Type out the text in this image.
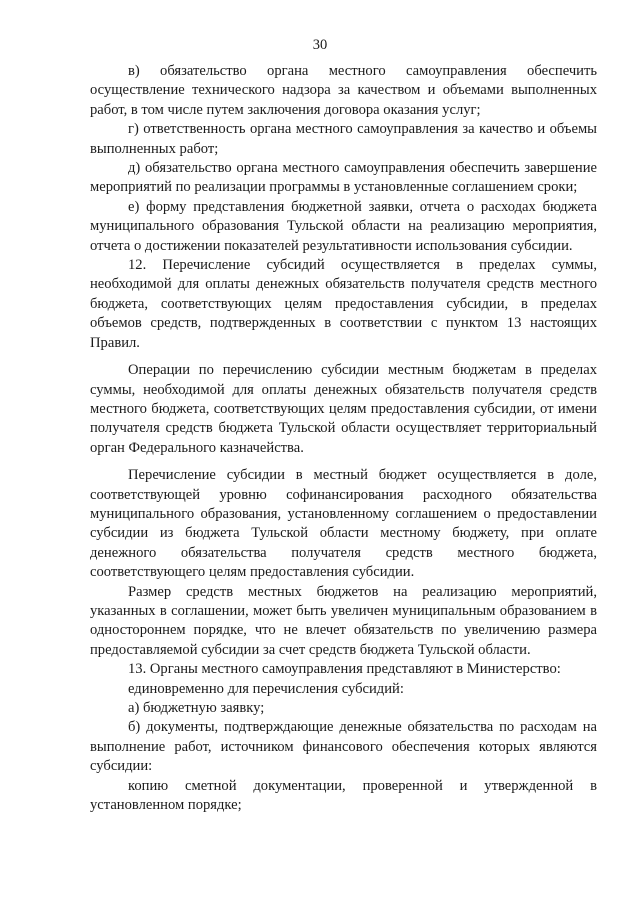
30

в) обязательство органа местного самоуправления обеспечить осуществление технического надзора за качеством и объемами выполненных работ, в том числе путем заключения договора оказания услуг;

г) ответственность органа местного самоуправления за качество и объемы выполненных работ;

д) обязательство органа местного самоуправления обеспечить завершение мероприятий по реализации программы в установленные соглашением сроки;

е) форму представления бюджетной заявки, отчета о расходах бюджета муниципального образования Тульской области на реализацию мероприятия, отчета о достижении показателей результативности использования субсидии.

12. Перечисление субсидий осуществляется в пределах суммы, необходимой для оплаты денежных обязательств получателя средств местного бюджета, соответствующих целям предоставления субсидии, в пределах объемов средств, подтвержденных в соответствии с пунктом 13 настоящих Правил.

Операции по перечислению субсидии местным бюджетам в пределах суммы, необходимой для оплаты денежных обязательств получателя средств местного бюджета, соответствующих целям предоставления субсидии, от имени получателя средств бюджета Тульской области осуществляет территориальный орган Федерального казначейства.

Перечисление субсидии в местный бюджет осуществляется в доле, соответствующей уровню софинансирования расходного обязательства муниципального образования, установленному соглашением о предоставлении субсидии из бюджета Тульской области местному бюджету, при оплате денежного обязательства получателя средств местного бюджета, соответствующего целям предоставления субсидии.

Размер средств местных бюджетов на реализацию мероприятий, указанных в соглашении, может быть увеличен муниципальным образованием в одностороннем порядке, что не влечет обязательств по увеличению размера предоставляемой субсидии за счет средств бюджета Тульской области.

13. Органы местного самоуправления представляют в Министерство:

единовременно для перечисления субсидий:

а) бюджетную заявку;

б) документы, подтверждающие денежные обязательства по расходам на выполнение работ, источником финансового обеспечения которых являются субсидии:

копию сметной документации, проверенной и утвержденной в установленном порядке;
